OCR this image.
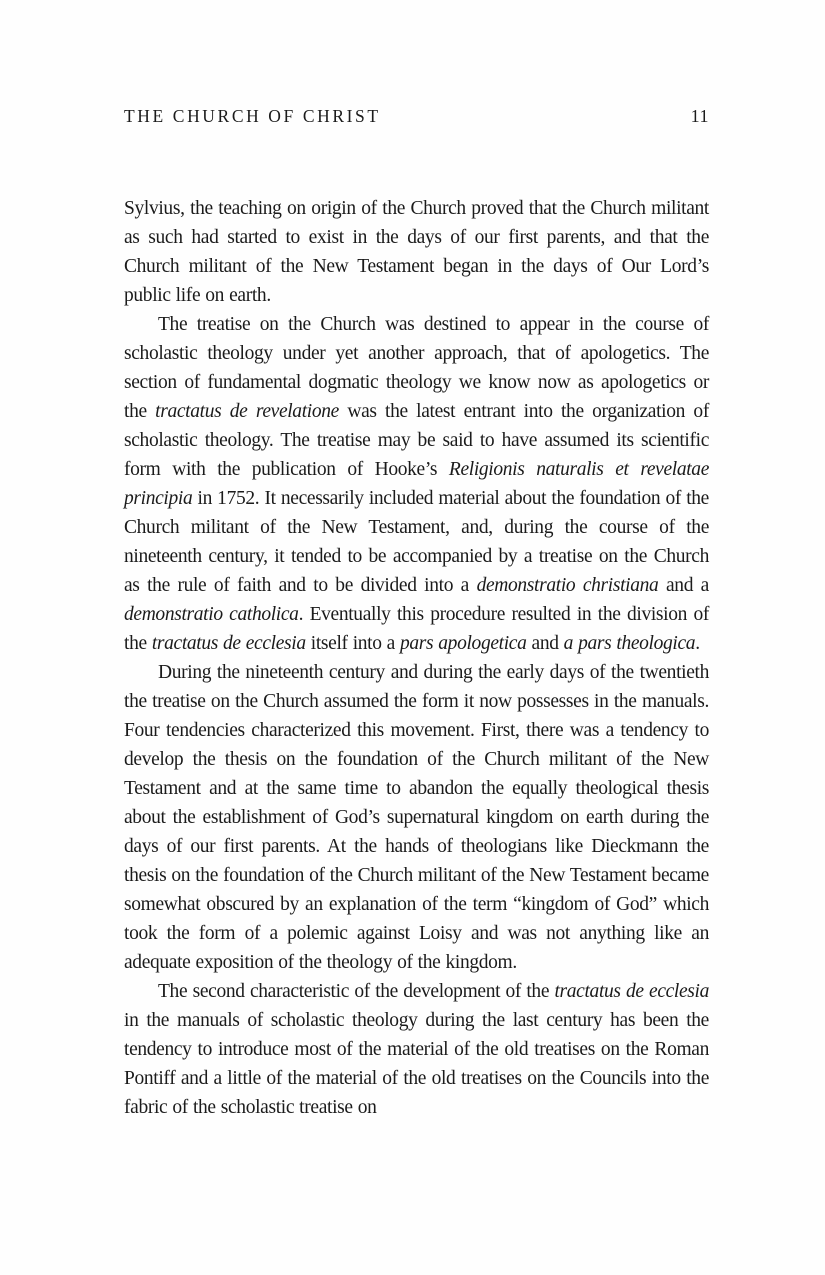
THE CHURCH OF CHRIST	11

Sylvius, the teaching on origin of the Church proved that the Church militant as such had started to exist in the days of our first parents, and that the Church militant of the New Testament began in the days of Our Lord’s public life on earth.

The treatise on the Church was destined to appear in the course of scholastic theology under yet another approach, that of apologetics. The section of fundamental dogmatic theology we know now as apologetics or the tractatus de revelatione was the latest entrant into the organization of scholastic theology. The treatise may be said to have assumed its scientific form with the publication of Hooke’s Religionis naturalis et revelatae principia in 1752. It necessarily included material about the foundation of the Church militant of the New Testament, and, during the course of the nineteenth century, it tended to be accompanied by a treatise on the Church as the rule of faith and to be divided into a demonstratio christiana and a demonstratio catholica. Eventually this procedure resulted in the division of the tractatus de ecclesia itself into a pars apologetica and a pars theologica.

During the nineteenth century and during the early days of the twentieth the treatise on the Church assumed the form it now possesses in the manuals. Four tendencies characterized this movement. First, there was a tendency to develop the thesis on the foundation of the Church militant of the New Testament and at the same time to abandon the equally theological thesis about the establishment of God’s supernatural kingdom on earth during the days of our first parents. At the hands of theologians like Dieckmann the thesis on the foundation of the Church militant of the New Testament became somewhat obscured by an explanation of the term “kingdom of God” which took the form of a polemic against Loisy and was not anything like an adequate exposition of the theology of the kingdom.

The second characteristic of the development of the tractatus de ecclesia in the manuals of scholastic theology during the last century has been the tendency to introduce most of the material of the old treatises on the Roman Pontiff and a little of the material of the old treatises on the Councils into the fabric of the scholastic treatise on
